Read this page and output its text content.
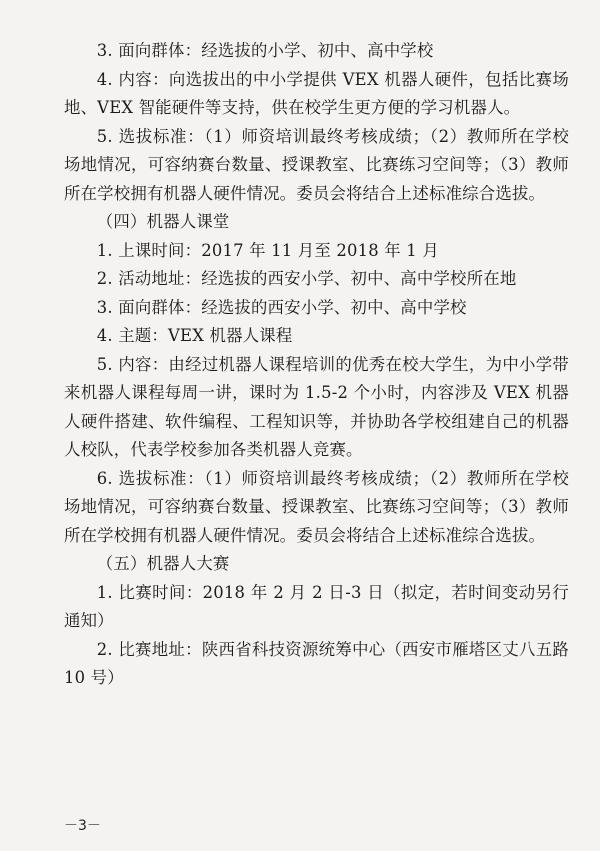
3. 面向群体：经选拔的小学、初中、高中学校

4. 内容：向选拔出的中小学提供 VEX 机器人硬件，包括比赛场地、VEX 智能硬件等支持，供在校学生更方便的学习机器人。

5. 选拔标准：（1）师资培训最终考核成绩；（2）教师所在学校场地情况，可容纳赛台数量、授课教室、比赛练习空间等；（3）教师所在学校拥有机器人硬件情况。委员会将结合上述标准综合选拔。

（四）机器人课堂

1. 上课时间：2017 年 11 月至 2018 年 1 月

2. 活动地址：经选拔的西安小学、初中、高中学校所在地

3. 面向群体：经选拔的西安小学、初中、高中学校

4. 主题：VEX 机器人课程

5. 内容：由经过机器人课程培训的优秀在校大学生，为中小学带来机器人课程每周一讲，课时为 1.5-2 个小时，内容涉及 VEX 机器人硬件搭建、软件编程、工程知识等，并协助各学校组建自己的机器人校队，代表学校参加各类机器人竞赛。

6. 选拔标准：（1）师资培训最终考核成绩；（2）教师所在学校场地情况，可容纳赛台数量、授课教室、比赛练习空间等；（3）教师所在学校拥有机器人硬件情况。委员会将结合上述标准综合选拔。

（五）机器人大赛

1. 比赛时间：2018 年 2 月 2 日-3 日（拟定，若时间变动另行通知）

2. 比赛地址：陕西省科技资源统筹中心（西安市雁塔区丈八五路 10 号）

－3－
